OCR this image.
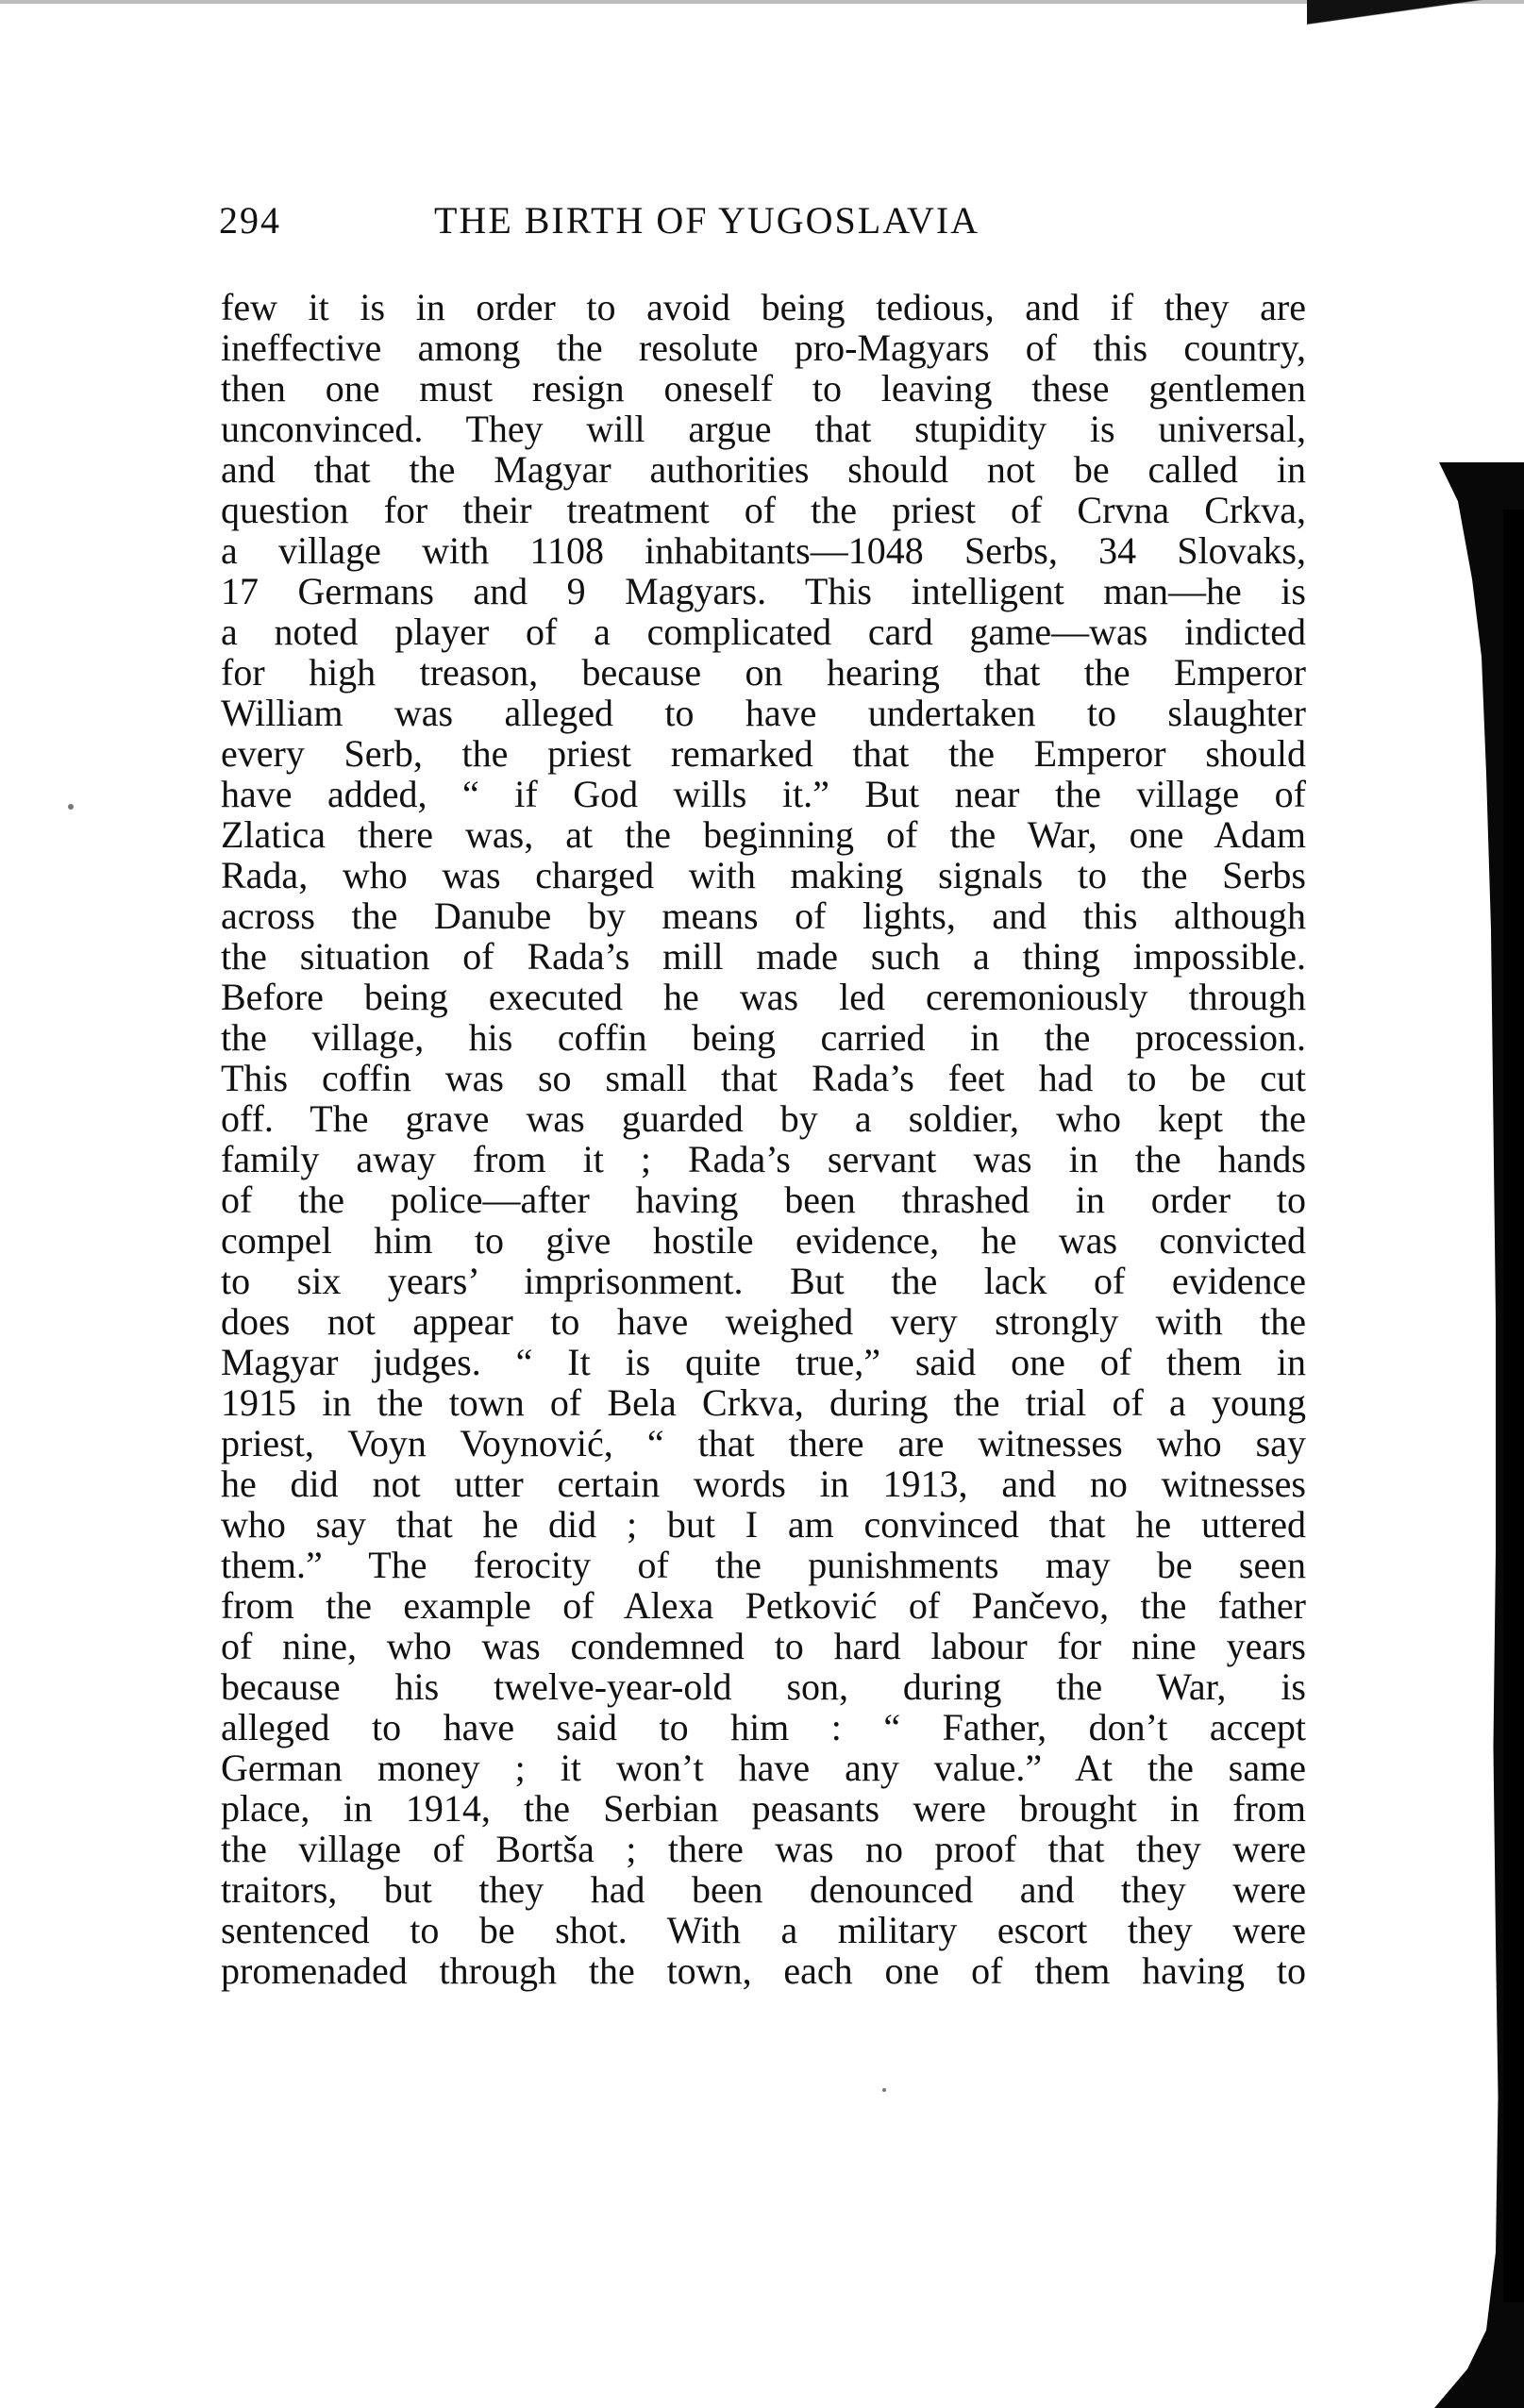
294	THE BIRTH OF YUGOSLAVIA
few it is in order to avoid being tedious, and if they are
ineffective among the resolute pro-Magyars of this country,
then one must resign oneself to leaving these gentlemen
unconvinced. They will argue that stupidity is universal,
and that the Magyar authorities should not be called in
question for their treatment of the priest of Crvna Crkva,
a village with 1108 inhabitants—1048 Serbs, 34 Slovaks,
17 Germans and 9 Magyars. This intelligent man—he is
a noted player of a complicated card game—was indicted
for high treason, because on hearing that the Emperor
William was alleged to have undertaken to slaughter
every Serb, the priest remarked that the Emperor should
have added, “ if God wills it.” But near the village of
Zlatica there was, at the beginning of the War, one Adam
Rada, who was charged with making signals to the Serbs
across the Danube by means of lights, and this although
the situation of Rada’s mill made such a thing impossible.
Before being executed he was led ceremoniously through
the village, his coffin being carried in the procession.
This coffin was so small that Rada’s feet had to be cut
off. The grave was guarded by a soldier, who kept the
family away from it ; Rada’s servant was in the hands
of the police—after having been thrashed in order to
compel him to give hostile evidence, he was convicted
to six years’ imprisonment. But the lack of evidence
does not appear to have weighed very strongly with the
Magyar judges. “ It is quite true,” said one of them in
1915 in the town of Bela Crkva, during the trial of a young
priest, Voyn Voynović, “ that there are witnesses who say
he did not utter certain words in 1913, and no witnesses
who say that he did ; but I am convinced that he uttered
them.” The ferocity of the punishments may be seen
from the example of Alexa Petković of Pančevo, the father
of nine, who was condemned to hard labour for nine years
because his twelve-year-old son, during the War, is
alleged to have said to him : “ Father, don’t accept
German money ; it won’t have any value.” At the same
place, in 1914, the Serbian peasants were brought in from
the village of Bortša ; there was no proof that they were
traitors, but they had been denounced and they were
sentenced to be shot. With a military escort they were
promenaded through the town, each one of them having to
